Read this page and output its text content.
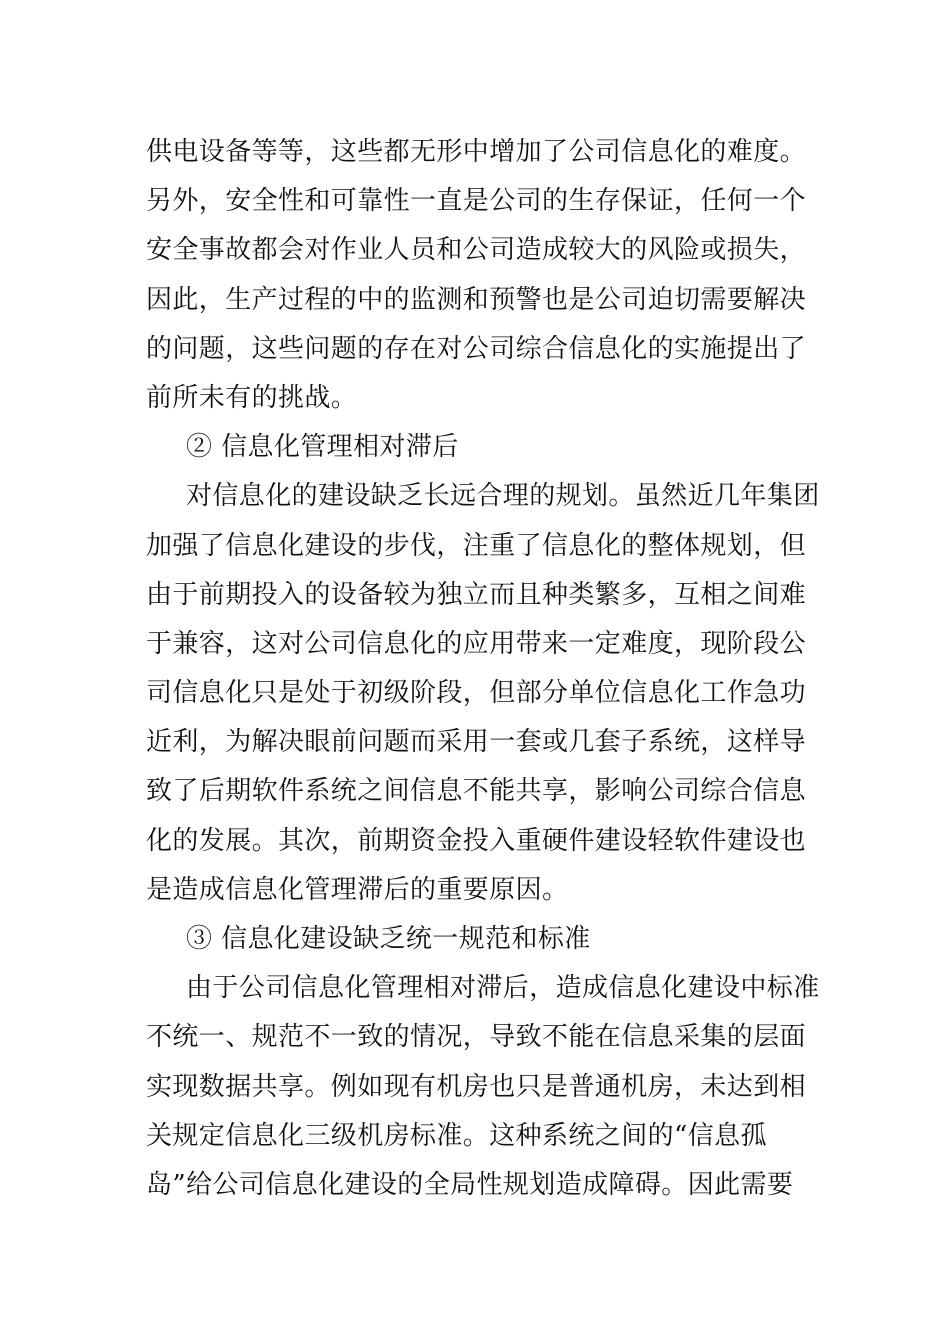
供电设备等等，这些都无形中增加了公司信息化的难度。
另外，安全性和可靠性一直是公司的生存保证，任何一个
安全事故都会对作业人员和公司造成较大的风险或损失，
因此，生产过程的中的监测和预警也是公司迫切需要解决
的问题，这些问题的存在对公司综合信息化的实施提出了
前所未有的挑战。
② 信息化管理相对滞后
对信息化的建设缺乏长远合理的规划。虽然近几年集团
加强了信息化建设的步伐，注重了信息化的整体规划，但
由于前期投入的设备较为独立而且种类繁多，互相之间难
于兼容，这对公司信息化的应用带来一定难度，现阶段公
司信息化只是处于初级阶段，但部分单位信息化工作急功
近利，为解决眼前问题而采用一套或几套子系统，这样导
致了后期软件系统之间信息不能共享，影响公司综合信息
化的发展。其次，前期资金投入重硬件建设轻软件建设也
是造成信息化管理滞后的重要原因。
③ 信息化建设缺乏统一规范和标准
由于公司信息化管理相对滞后，造成信息化建设中标准
不统一、规范不一致的情况，导致不能在信息采集的层面
实现数据共享。例如现有机房也只是普通机房，未达到相
关规定信息化三级机房标准。这种系统之间的“信息孤
岛”给公司信息化建设的全局性规划造成障碍。因此需要
